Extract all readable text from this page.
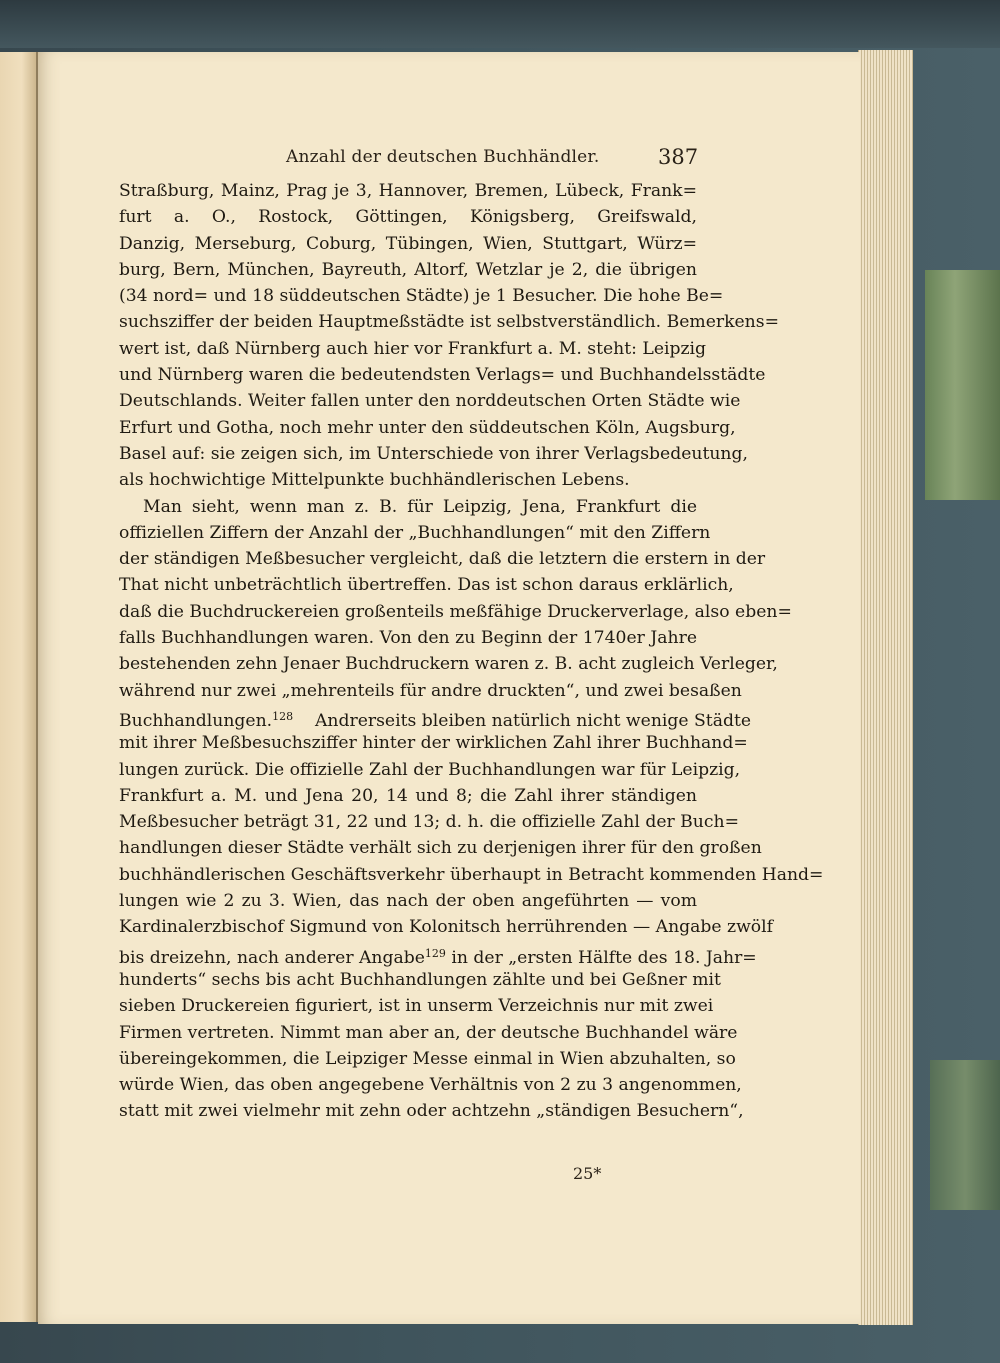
Anzahl der deutschen Buchhändler.	387
Straßburg, Mainz, Prag je 3, Hannover, Bremen, Lübeck, Frank=
furt a. O., Rostock, Göttingen, Königsberg, Greifswald,
Danzig, Merseburg, Coburg, Tübingen, Wien, Stuttgart, Würz=
burg, Bern, München, Bayreuth, Altorf, Wetzlar je 2, die übrigen
(34 nord= und 18 süddeutschen Städte) je 1 Besucher. Die hohe Be=
suchsziffer der beiden Hauptmeßstädte ist selbstverständlich. Bemerkens=
wert ist, daß Nürnberg auch hier vor Frankfurt a. M. steht: Leipzig
und Nürnberg waren die bedeutendsten Verlags= und Buchhandelsstädte
Deutschlands. Weiter fallen unter den norddeutschen Orten Städte wie
Erfurt und Gotha, noch mehr unter den süddeutschen Köln, Augsburg,
Basel auf: sie zeigen sich, im Unterschiede von ihrer Verlagsbedeutung,
als hochwichtige Mittelpunkte buchhändlerischen Lebens.
Man sieht, wenn man z. B. für Leipzig, Jena, Frankfurt die
offiziellen Ziffern der Anzahl der „Buchhandlungen“ mit den Ziffern
der ständigen Meßbesucher vergleicht, daß die letztern die erstern in der
That nicht unbeträchtlich übertreffen. Das ist schon daraus erklärlich,
daß die Buchdruckereien großenteils meßfähige Druckerverlage, also eben=
falls Buchhandlungen waren. Von den zu Beginn der 1740er Jahre
bestehenden zehn Jenaer Buchdruckern waren z. B. acht zugleich Verleger,
während nur zwei „mehrenteils für andre druckten“, und zwei besaßen
Buchhandlungen.$^{128}$ Andrerseits bleiben natürlich nicht wenige Städte
mit ihrer Meßbesuchsziffer hinter der wirklichen Zahl ihrer Buchhand=
lungen zurück. Die offizielle Zahl der Buchhandlungen war für Leipzig,
Frankfurt a. M. und Jena 20, 14 und 8; die Zahl ihrer ständigen
Meßbesucher beträgt 31, 22 und 13; d. h. die offizielle Zahl der Buch=
handlungen dieser Städte verhält sich zu derjenigen ihrer für den großen
buchhändlerischen Geschäftsverkehr überhaupt in Betracht kommenden Hand=
lungen wie 2 zu 3. Wien, das nach der oben angeführten — vom
Kardinalerzbischof Sigmund von Kolonitsch herrührenden — Angabe zwölf
bis dreizehn, nach anderer Angabe$^{129}$ in der „ersten Hälfte des 18. Jahr=
hunderts“ sechs bis acht Buchhandlungen zählte und bei Geßner mit
sieben Druckereien figuriert, ist in unserm Verzeichnis nur mit zwei
Firmen vertreten. Nimmt man aber an, der deutsche Buchhandel wäre
übereingekommen, die Leipziger Messe einmal in Wien abzuhalten, so
würde Wien, das oben angegebene Verhältnis von 2 zu 3 angenommen,
statt mit zwei vielmehr mit zehn oder achtzehn „ständigen Besuchern“,
25*
